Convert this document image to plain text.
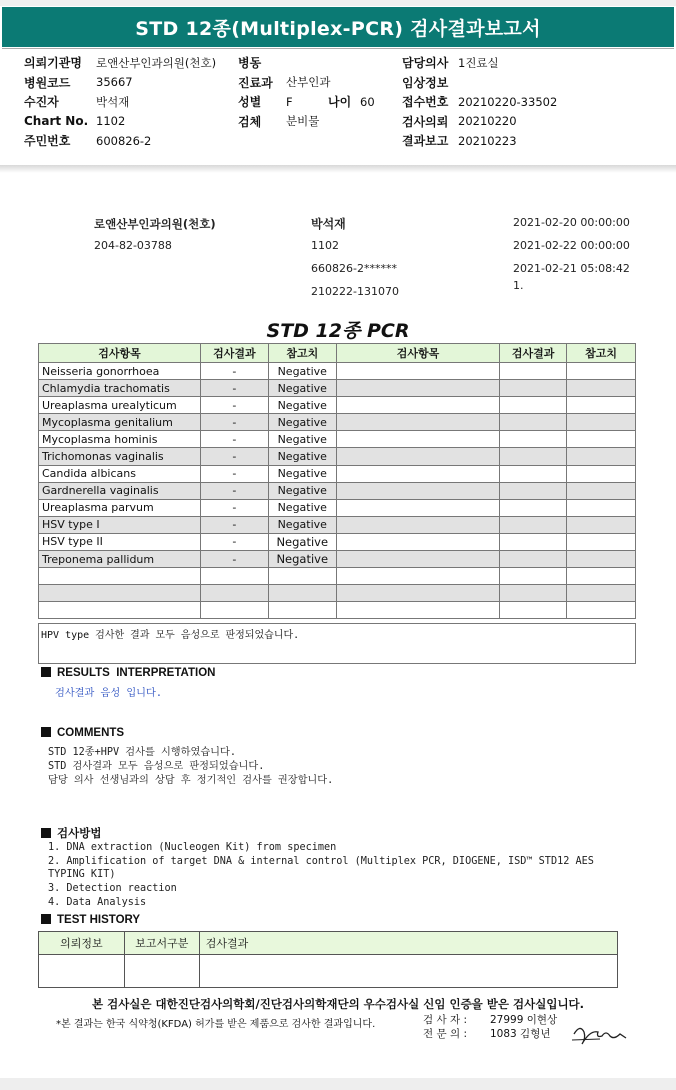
STD 12종(Multiplex-PCR) 검사결과보고서
의뢰기관명	로앤산부인과의원(천호)
병원코드	35667
수진자	박석재
Chart No. 1102
주민번호	600826-2
병동
진료과	산부인과
성별	F	나이 60
검체	분비물
담당의사 1진료실
임상정보
접수번호 20210220-33502
검사의뢰 20210220
결과보고 20210223
로앤산부인과의원(천호)
204-82-03788
박석재
1102
660826-2******
210222-131070
2021-02-20 00:00:00
2021-02-22 00:00:00
2021-02-21 05:08:42
1.
STD 12종 PCR
검사항목	검사결과	참고치	검사항목	검사결과	참고치
Neisseria gonorrhoea	-	Negative			
Chlamydia trachomatis	-	Negative			
Ureaplasma urealyticum	-	Negative			
Mycoplasma genitalium	-	Negative			
Mycoplasma hominis	-	Negative			
Trichomonas vaginalis	-	Negative			
Candida albicans	-	Negative			
Gardnerella vaginalis	-	Negative			
Ureaplasma parvum	-	Negative			
HSV type I	-	Negative			
HSV type II	-	Negative			
Treponema pallidum	-	Negative			

HPV type 검사한 결과 모두 음성으로 판정되었습니다.
RESULTS  INTERPRETATION
검사결과 음성 입니다.
COMMENTS
STD 12종+HPV 검사를 시행하였습니다.
STD 검사결과 모두 음성으로 판정되었습니다.
담당 의사 선생님과의 상담 후 정기적인 검사를 권장합니다.
검사방법
1. DNA extraction (Nucleogen Kit) from specimen
2. Amplification of target DNA & internal control (Multiplex PCR, DIOGENE, ISD™ STD12 AES
TYPING KIT)
3. Detection reaction
4. Data Analysis
TEST HISTORY
의뢰정보	보고서구분	검사결과

본 검사실은 대한진단검사의학회/진단검사의학재단의 우수검사실 신임 인증을 받은 검사실입니다.
*본 결과는 한국 식약청(KFDA) 허가를 받은 제품으로 검사한 결과입니다.	검 사 자 : 27999 이현상
전 문 의 : 1083 김형년
